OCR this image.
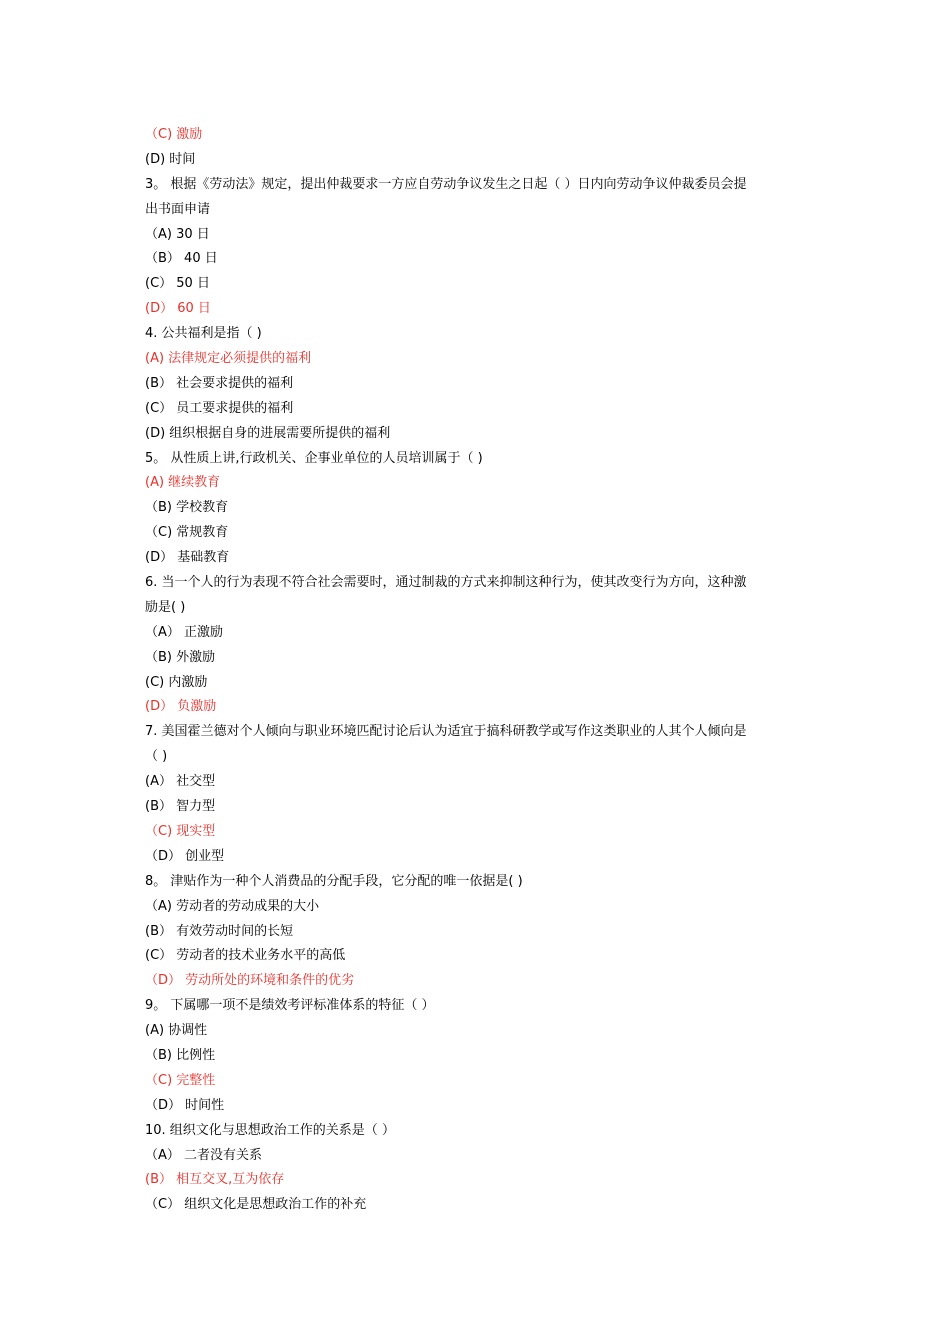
（C) 激励
(D) 时间
3。 根据《劳动法》规定，提出仲裁要求一方应自劳动争议发生之日起（ ）日内向劳动争议仲裁委员会提
出书面申请
（A) 30 日
（B） 40 日
(C） 50 日
(D） 60 日
4. 公共福利是指（ )
(A) 法律规定必须提供的福利
(B） 社会要求提供的福利
(C） 员工要求提供的福利
(D) 组织根据自身的进展需要所提供的福利
5。 从性质上讲,行政机关、企事业单位的人员培训属于（ )
(A) 继续教育
（B) 学校教育
（C) 常规教育
(D） 基础教育
6. 当一个人的行为表现不符合社会需要时，通过制裁的方式来抑制这种行为，使其改变行为方向，这种激
励是( )
（A） 正激励
（B) 外激励
(C) 内激励
(D） 负激励
7. 美国霍兰德对个人倾向与职业环境匹配讨论后认为适宜于搞科研教学或写作这类职业的人其个人倾向是
（ )
(A） 社交型
(B） 智力型
（C) 现实型
（D） 创业型
8。 津贴作为一种个人消费品的分配手段，它分配的唯一依据是( )
（A) 劳动者的劳动成果的大小
(B） 有效劳动时间的长短
(C） 劳动者的技术业务水平的高低
（D） 劳动所处的环境和条件的优劣
9。 下属哪一项不是绩效考评标准体系的特征（ ）
(A) 协调性
（B) 比例性
（C) 完整性
（D） 时间性
10. 组织文化与思想政治工作的关系是（ ）
（A） 二者没有关系
(B） 相互交叉,互为依存
（C） 组织文化是思想政治工作的补充
